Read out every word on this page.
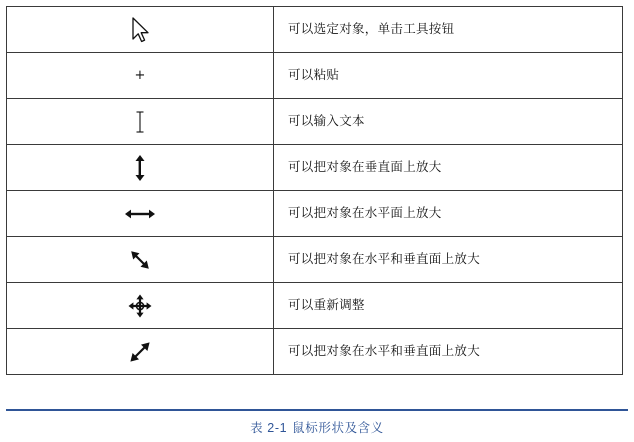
可以选定对象，单击工具按钮

+	可以粘贴

可以输入文本

可以把对象在垂直面上放大

可以把对象在水平面上放大

可以把对象在水平和垂直面上放大

可以重新调整

可以把对象在水平和垂直面上放大
表 2-1 鼠标形状及含义
